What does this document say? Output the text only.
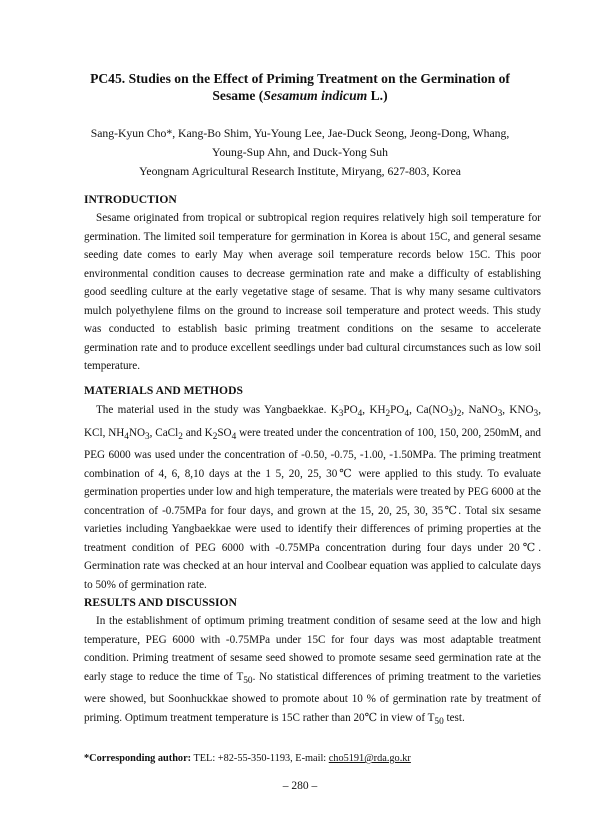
PC45. Studies on the Effect of Priming Treatment on the Germination of
Sesame (Sesamum indicum L.)
Sang-Kyun Cho*, Kang-Bo Shim, Yu-Young Lee, Jae-Duck Seong, Jeong-Dong, Whang,
Young-Sup Ahn, and Duck-Yong Suh
Yeongnam Agricultural Research Institute, Miryang, 627-803, Korea
INTRODUCTION
Sesame originated from tropical or subtropical region requires relatively high soil temperature for germination. The limited soil temperature for germination in Korea is about 15C, and general sesame seeding date comes to early May when average soil temperature records below 15C. This poor environmental condition causes to decrease germination rate and make a difficulty of establishing good seedling culture at the early vegetative stage of sesame. That is why many sesame cultivators mulch polyethylene films on the ground to increase soil temperature and protect weeds. This study was conducted to establish basic priming treatment conditions on the sesame to accelerate germination rate and to produce excellent seedlings under bad cultural circumstances such as low soil temperature.
MATERIALS AND METHODS
The material used in the study was Yangbaekkae. $K_3PO_4$, $KH_2PO_4$, $Ca(NO_3)_2$, NaNO$_3$, $KNO_3$, KCl, $NH_4NO_3$, CaCl$_2$ and $K_2SO_4$ were treated under the concentration of 100, 150, 200, 250mM, and PEG 6000 was used under the concentration of -0.50, -0.75, -1.00, -1.50MPa. The priming treatment combination of 4, 6, 8,10 days at the 1 5, 20, 25, 30℃ were applied to this study. To evaluate germination properties under low and high temperature, the materials were treated by PEG 6000 at the concentration of -0.75MPa for four days, and grown at the 15, 20, 25, 30, 35℃. Total six sesame varieties including Yangbaekkae were used to identify their differences of priming properties at the treatment condition of PEG 6000 with -0.75MPa concentration during four days under 20℃. Germination rate was checked at an hour interval and Coolbear equation was applied to calculate days to 50% of germination rate.
RESULTS AND DISCUSSION
In the establishment of optimum priming treatment condition of sesame seed at the low and high temperature, PEG 6000 with -0.75MPa under 15C for four days was most adaptable treatment condition. Priming treatment of sesame seed showed to promote sesame seed germination rate at the early stage to reduce the time of $T_{50}$. No statistical differences of priming treatment to the varieties were showed, but Soonhuckkae showed to promote about 10 % of germination rate by treatment of priming. Optimum treatment temperature is 15C rather than 20℃ in view of $T_{50}$ test.
*Corresponding author: TEL: +82-55-350-1193, E-mail: cho5191@rda.go.kr
– 280 –
